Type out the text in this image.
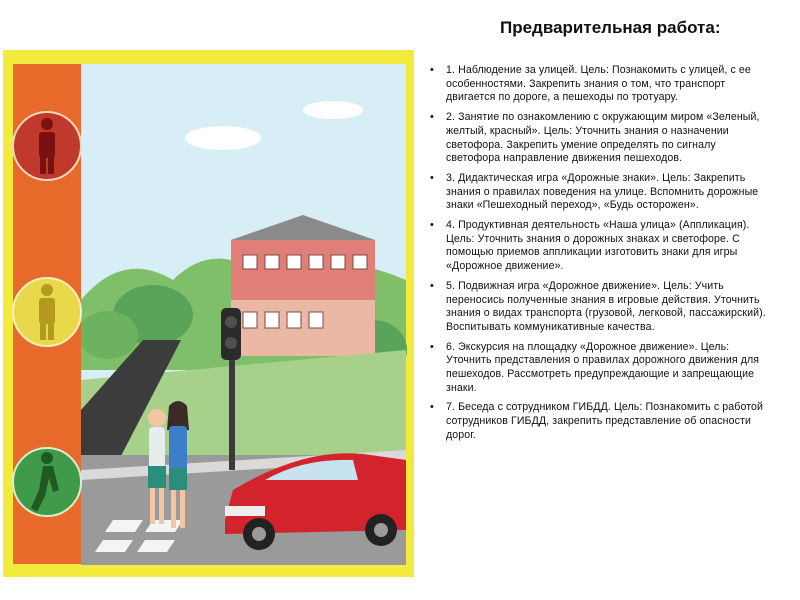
Предварительная работа:
• 1. Наблюдение за улицей. Цель: Познакомить с улицей, с ее особенностями. Закрепить знания о том, что транспорт двигается по дороге, а пешеходы по тротуару.
• 2. Занятие по ознакомлению с окружающим миром «Зеленый, желтый, красный». Цель: Уточнить знания о назначении светофора. Закрепить умение определять по сигналу светофора направление движения пешеходов.
• 3. Дидактическая игра «Дорожные знаки». Цель: Закрепить знания о правилах поведения на улице. Вспомнить дорожные знаки «Пешеходный переход», «Будь осторожен».
• 4. Продуктивная деятельность «Наша улица» (Аппликация). Цель: Уточнить знания о дорожных знаках и светофоре. С помощью приемов аппликации изготовить знаки для игры «Дорожное движение».
• 5. Подвижная игра «Дорожное движение». Цель: Учить переносись полученные знания в игровые действия. Уточнить знания о видах транспорта (грузовой, легковой, пассажирский). Воспитывать коммуникативные качества.
• 6. Экскурсия на площадку «Дорожное движение». Цель: Уточнить представления о правилах дорожного движения для пешеходов. Рассмотреть предупреждающие и запрещающие знаки.
• 7. Беседа с сотрудником ГИБДД. Цель: Познакомить с работой сотрудников ГИБДД, закрепить представление об опасности дорог.
